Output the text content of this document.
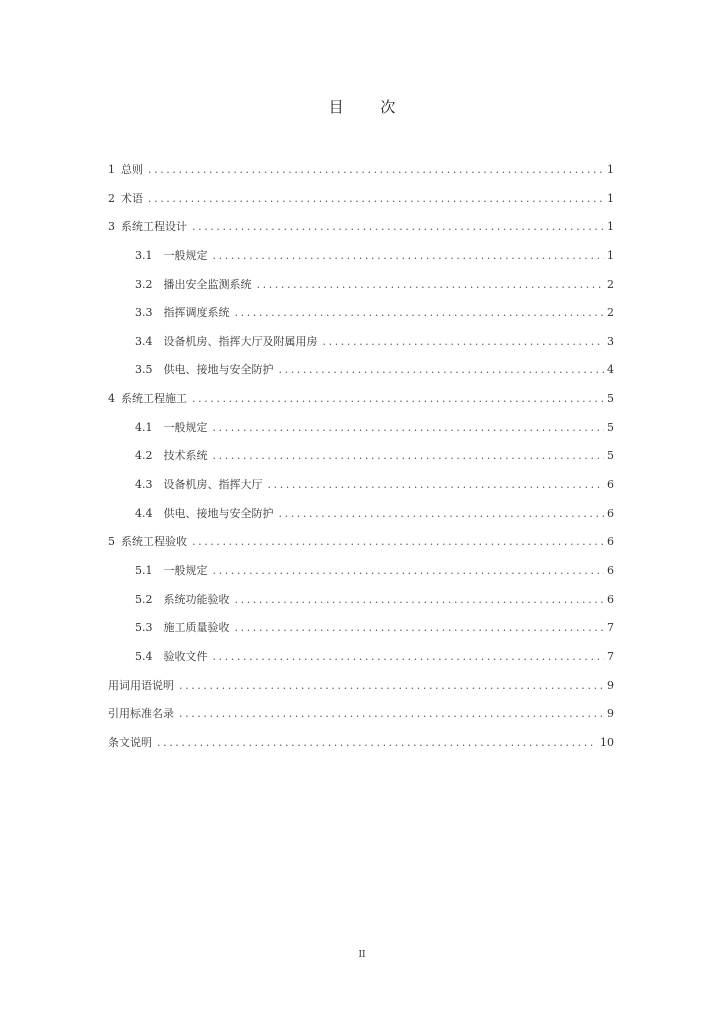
目 次
1 总则 .....	1
2 术语 .....	1
3 系统工程设计 .....	1
3.1 一般规定 .....	1
3.2 播出安全监测系统 .....	2
3.3 指挥调度系统 .....	2
3.4 设备机房、指挥大厅及附属用房 .....	3
3.5 供电、接地与安全防护 .....	4
4 系统工程施工 .....	5
4.1 一般规定 .....	5
4.2 技术系统 .....	5
4.3 设备机房、指挥大厅 .....	6
4.4 供电、接地与安全防护 .....	6
5 系统工程验收 .....	6
5.1 一般规定 .....	6
5.2 系统功能验收 .....	6
5.3 施工质量验收 .....	7
5.4 验收文件 .....	7
用词用语说明 .....	9
引用标准名录 .....	9
条文说明 .....	10
II
